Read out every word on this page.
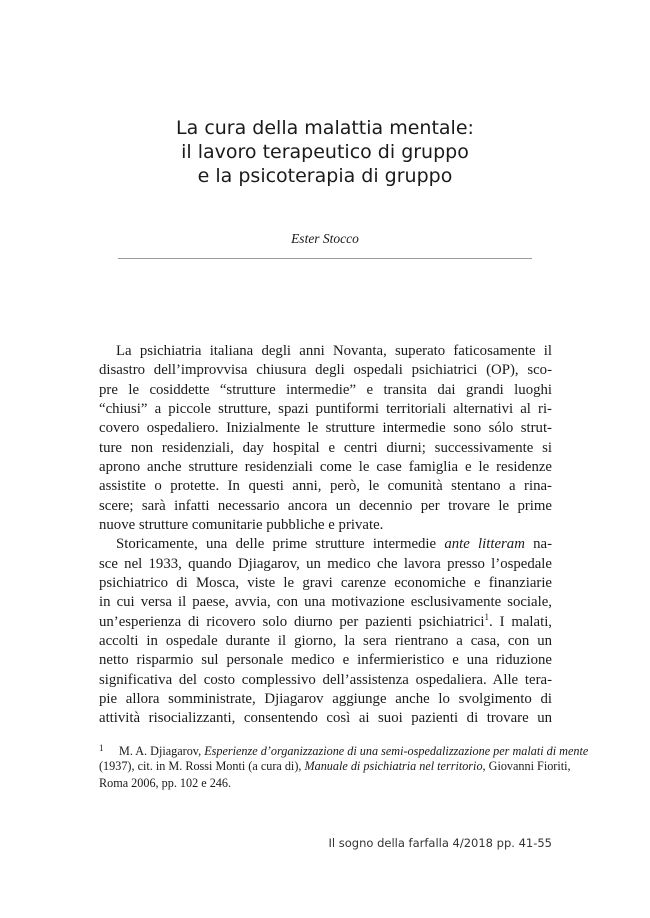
La cura della malattia mentale:
il lavoro terapeutico di gruppo
e la psicoterapia di gruppo
Ester Stocco
La psichiatria italiana degli anni Novanta, superato faticosamente il
disastro dell’improvvisa chiusura degli ospedali psichiatrici (OP), sco-
pre le cosiddette “strutture intermedie” e transita dai grandi luoghi
“chiusi” a piccole strutture, spazi puntiformi territoriali alternativi al ri-
covero ospedaliero. Inizialmente le strutture intermedie sono sólo strut-
ture non residenziali, day hospital e centri diurni; successivamente si
aprono anche strutture residenziali come le case famiglia e le residenze
assistite o protette. In questi anni, però, le comunità stentano a rina-
scere; sarà infatti necessario ancora un decennio per trovare le prime
nuove strutture comunitarie pubbliche e private.
Storicamente, una delle prime strutture intermedie ante litteram na-
sce nel 1933, quando Djiagarov, un medico che lavora presso l’ospedale
psichiatrico di Mosca, viste le gravi carenze economiche e finanziarie
in cui versa il paese, avvia, con una motivazione esclusivamente sociale,
un’esperienza di ricovero solo diurno per pazienti psichiatrici$^1$. I malati,
accolti in ospedale durante il giorno, la sera rientrano a casa, con un
netto risparmio sul personale medico e infermieristico e una riduzione
significativa del costo complessivo dell’assistenza ospedaliera. Alle tera-
pie allora somministrate, Djiagarov aggiunge anche lo svolgimento di
attività risocializzanti, consentendo così ai suoi pazienti di trovare un
1 M. A. Djiagarov, Esperienze d’organizzazione di una semi-ospedalizzazione per malati di mente
(1937), cit. in M. Rossi Monti (a cura di), Manuale di psichiatria nel territorio, Giovanni Fioriti,
Roma 2006, pp. 102 e 246.
Il sogno della farfalla 4/2018 pp. 41-55
